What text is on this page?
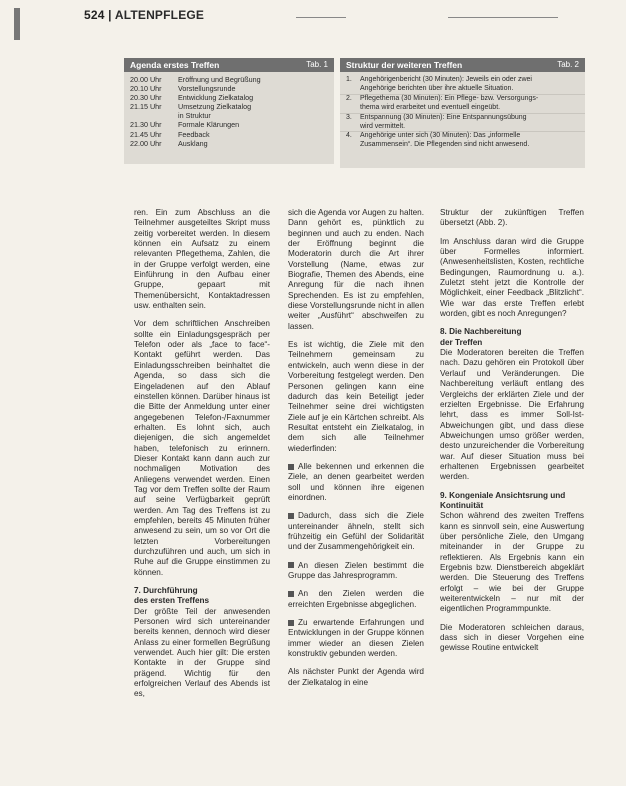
524 | ALTENPFLEGE
Agenda erstes Treffen	Tab. 1
20.00 Uhr	Eröffnung und Begrüßung
20.10 Uhr	Vorstellungsrunde
20.30 Uhr	Entwicklung Zielkatalog
21.15 Uhr	Umsetzung Zielkatalog
in Struktur
21.30 Uhr	Formale Klärungen
21.45 Uhr	Feedback
22.00 Uhr	Ausklang
Struktur der weiteren Treffen	Tab. 2
1.	Angehörigenbericht (30 Minuten): Jeweils ein oder zwei
Angehörige berichten über ihre aktuelle Situation.
2.	Pflegethema (30 Minuten): Ein Pflege- bzw. Versorgungs-
thema wird erarbeitet und eventuell eingeübt.
3.	Entspannung (30 Minuten): Eine Entspannungsübung
wird vermittelt.
4.	Angehörige unter sich (30 Minuten): Das „informelle
Zusammensein“. Die Pflegenden sind nicht anwesend.

ren. Ein zum Abschluss an die Teilnehmer ausgeteiltes Skript muss zeitig vorbereitet werden. In diesem können ein Aufsatz zu einem relevanten Pflegethema, Zahlen, die in der Gruppe verfolgt werden, eine Einführung in den Aufbau einer Gruppe, gepaart mit Themenübersicht, Kontaktadressen usw. enthalten sein.

Vor dem schriftlichen Anschreiben sollte ein Einladungsgespräch per Telefon oder als „face to face“-Kontakt geführt werden. Das Einladungsschreiben beinhaltet die Agenda, so dass sich die Eingeladenen auf den Ablauf einstellen können. Darüber hinaus ist die Bitte der Anmeldung unter einer angegebenen Telefon-/Faxnummer erhalten. Es lohnt sich, auch diejenigen, die sich angemeldet haben, telefonisch zu erinnern. Dieser Kontakt kann dann auch zur nochmaligen Motivation des Anliegens verwendet werden. Einen Tag vor dem Treffen sollte der Raum auf seine Verfügbarkeit geprüft werden. Am Tag des Treffens ist zu empfehlen, bereits 45 Minuten früher anwesend zu sein, um so vor Ort die letzten Vorbereitungen durchzuführen und auch, um sich in Ruhe auf die Gruppe einstimmen zu können.

7. Durchführung
des ersten Treffens

Der größte Teil der anwesenden Personen wird sich untereinander bereits kennen, dennoch wird dieser Anlass zu einer formellen Begrüßung verwendet. Auch hier gilt: Die ersten Kontakte in der Gruppe sind prägend. Wichtig für den erfolgreichen Verlauf des Abends ist es,

sich die Agenda vor Augen zu halten. Dann gehört es, pünktlich zu beginnen und auch zu enden. Nach der Eröffnung beginnt die Moderatorin durch die Art ihrer Vorstellung (Name, etwas zur Biografie, Themen des Abends, eine Anregung für die nach ihnen Sprechenden. Es ist zu empfehlen, diese Vorstellungsrunde nicht in allen weiter „Ausführt“ abschweifen zu lassen.

Es ist wichtig, die Ziele mit den Teilnehmern gemeinsam zu entwickeln, auch wenn diese in der Vorbereitung festgelegt werden. Den Personen gelingen kann eine dadurch das kein Beteiligt jeder Teilnehmer seine drei wichtigsten Ziele auf je ein Kärtchen schreibt. Als Resultat entsteht ein Zielkatalog, in dem sich alle Teilnehmer wiederfinden:

Alle bekennen und erkennen die Ziele, an denen gearbeitet werden soll und können ihre eigenen einordnen.
Dadurch, dass sich die Ziele untereinander ähneln, stellt sich frühzeitig ein Gefühl der Solidarität und der Zusammengehörigkeit ein.
An diesen Zielen bestimmt die Gruppe das Jahresprogramm.
An den Zielen werden die erreichten Ergebnisse abgeglichen.
Zu erwartende Erfahrungen und Entwicklungen in der Gruppe können immer wieder an diesen Zielen konstruktiv gebunden werden.

Als nächster Punkt der Agenda wird der Zielkatalog in eine

Struktur der zukünftigen Treffen übersetzt (Abb. 2).

Im Anschluss daran wird die Gruppe über Formelles informiert. (Anwesenheitslisten, Kosten, rechtliche Bedingungen, Raumordnung u. a.). Zuletzt steht jetzt die Kontrolle der Möglichkeit, einer Feedback „Blitzlicht“. Wie war das erste Treffen erlebt worden, gibt es noch Anregungen?

8. Die Nachbereitung
der Treffen

Die Moderatoren bereiten die Treffen nach. Dazu gehören ein Protokoll über Verlauf und Veränderungen. Die Nachbereitung verläuft entlang des Vergleichs der erklärten Ziele und der erzielten Ergebnisse. Die Erfahrung lehrt, dass es immer Soll-Ist-Abweichungen gibt, und dass diese Abweichungen umso größer werden, desto unzureichender die Vorbereitung war. Auf dieser Situation muss bei erhaltenen Ergebnissen gearbeitet werden.

9. Kongeniale Ansichtsrung und
Kontinuität

Schon während des zweiten Treffens kann es sinnvoll sein, eine Auswertung über persönliche Ziele, den Umgang miteinander in der Gruppe zu reflektieren. Als Ergebnis kann ein Ergebnis bzw. Dienstbereich abgeklärt werden. Die Steuerung des Treffens erfolgt – wie bei der Gruppe weiterentwickeln – nur mit der eigentlichen Programmpunkte.

Die Moderatoren schleichen daraus, dass sich in dieser Vorgehen eine gewisse Routine entwickelt
